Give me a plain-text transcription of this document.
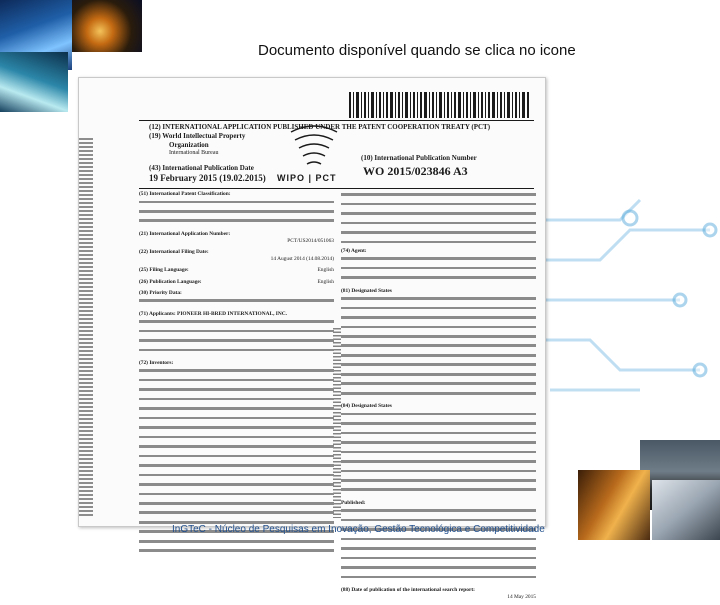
Documento disponível quando se clica no icone
(12) INTERNATIONAL APPLICATION PUBLISHED UNDER THE PATENT COOPERATION TREATY (PCT)
(19) World Intellectual Property
Organization
International Bureau
(43) International Publication Date
19 February 2015 (19.02.2015) WIPO | PCT
(10) International Publication Number
WO 2015/023846 A3
(51) International Patent Classification:
(21) International Application Number:
PCT/US2014/051063
(22) International Filing Date:
14 August 2014 (14.08.2014)
(25) Filing Language:	English
(26) Publication Language:	English
(30) Priority Data:
(71) Applicants: PIONEER HI-BRED INTERNATIONAL, INC.
(72) Inventors:
(74) Agent:
(81) Designated States
(84) Designated States
Published:
(88) Date of publication of the international search report:
14 May 2015
InGTeC - Núcleo de Pesquisas em Inovação, Gestão Tecnológica e Competitividade
